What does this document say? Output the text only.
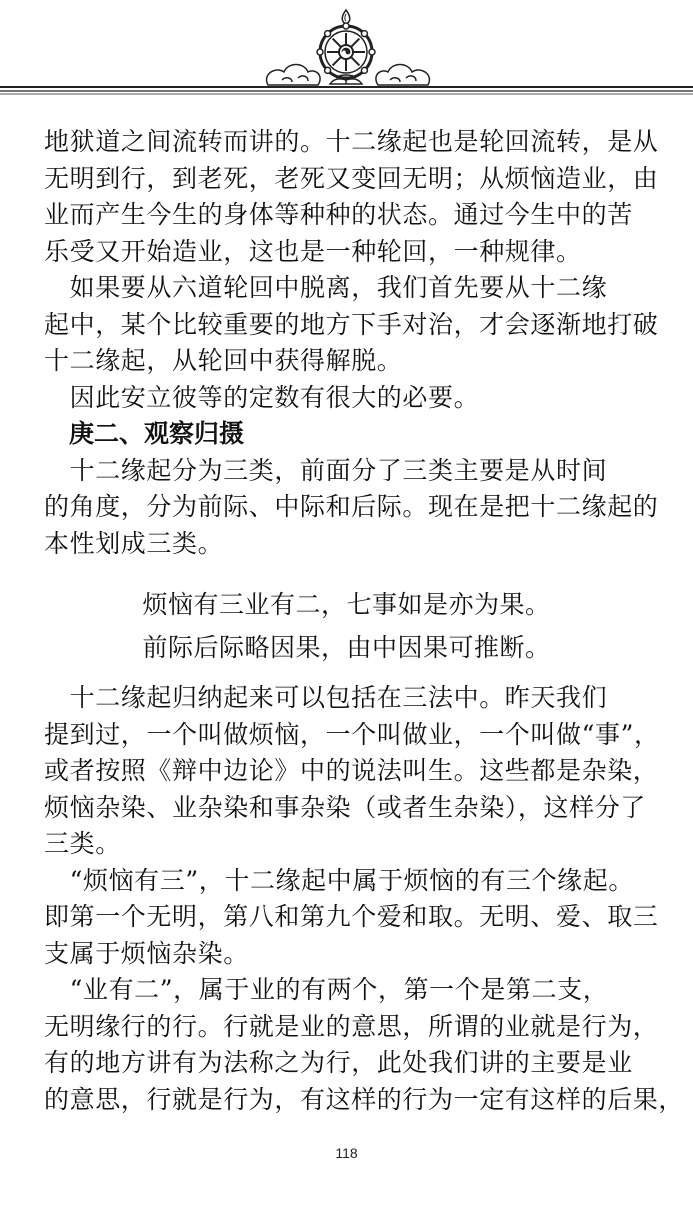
地狱道之间流转而讲的。十二缘起也是轮回流转，是从
无明到行，到老死，老死又变回无明；从烦恼造业，由
业而产生今生的身体等种种的状态。通过今生中的苦
乐受又开始造业，这也是一种轮回，一种规律。
　如果要从六道轮回中脱离，我们首先要从十二缘
起中，某个比较重要的地方下手对治，才会逐渐地打破
十二缘起，从轮回中获得解脱。
　因此安立彼等的定数有很大的必要。
　庚二、观察归摄
　十二缘起分为三类，前面分了三类主要是从时间
的角度，分为前际、中际和后际。现在是把十二缘起的
本性划成三类。
烦恼有三业有二，七事如是亦为果。
前际后际略因果，由中因果可推断。
　十二缘起归纳起来可以包括在三法中。昨天我们
提到过，一个叫做烦恼，一个叫做业，一个叫做“事”，
或者按照《辩中边论》中的说法叫生。这些都是杂染，
烦恼杂染、业杂染和事杂染（或者生杂染），这样分了
三类。
　“烦恼有三”，十二缘起中属于烦恼的有三个缘起。
即第一个无明，第八和第九个爱和取。无明、爱、取三
支属于烦恼杂染。
　“业有二”，属于业的有两个，第一个是第二支，
无明缘行的行。行就是业的意思，所谓的业就是行为，
有的地方讲有为法称之为行，此处我们讲的主要是业
的意思，行就是行为，有这样的行为一定有这样的后果，
118
